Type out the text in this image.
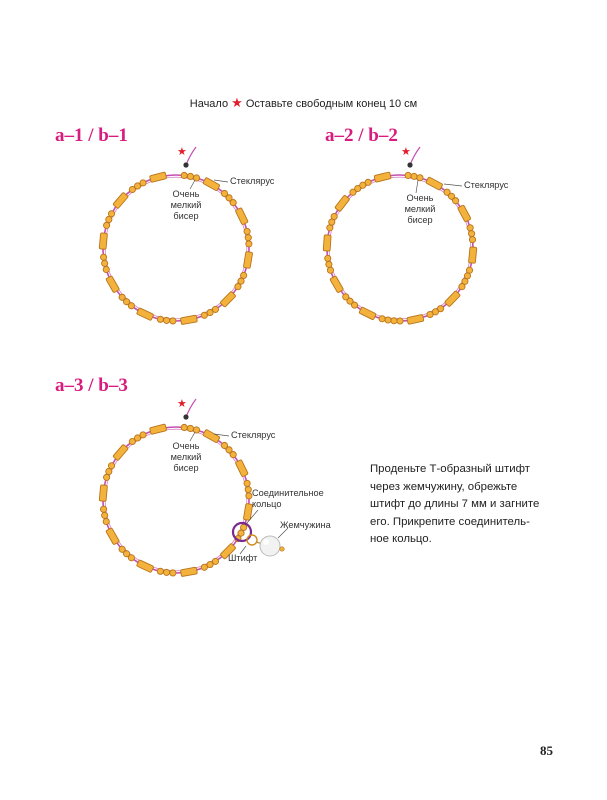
Начало ★ Оставьте свободным конец 10 см
★	★
★
a–1 / b–1
Стеклярус
Очень
мелкий
бисер
a–2 / b–2
Стеклярус
Очень
мелкий
бисер
a–3 / b–3
Стеклярус
Очень
мелкий
бисер
Соединительное
кольцо
Жемчужина
Штифт
Проденьте Т-образный штифт
через жемчужину, обрежьте
штифт до длины 7 мм и загните
его. Прикрепите соединитель-
ное кольцо.
85
